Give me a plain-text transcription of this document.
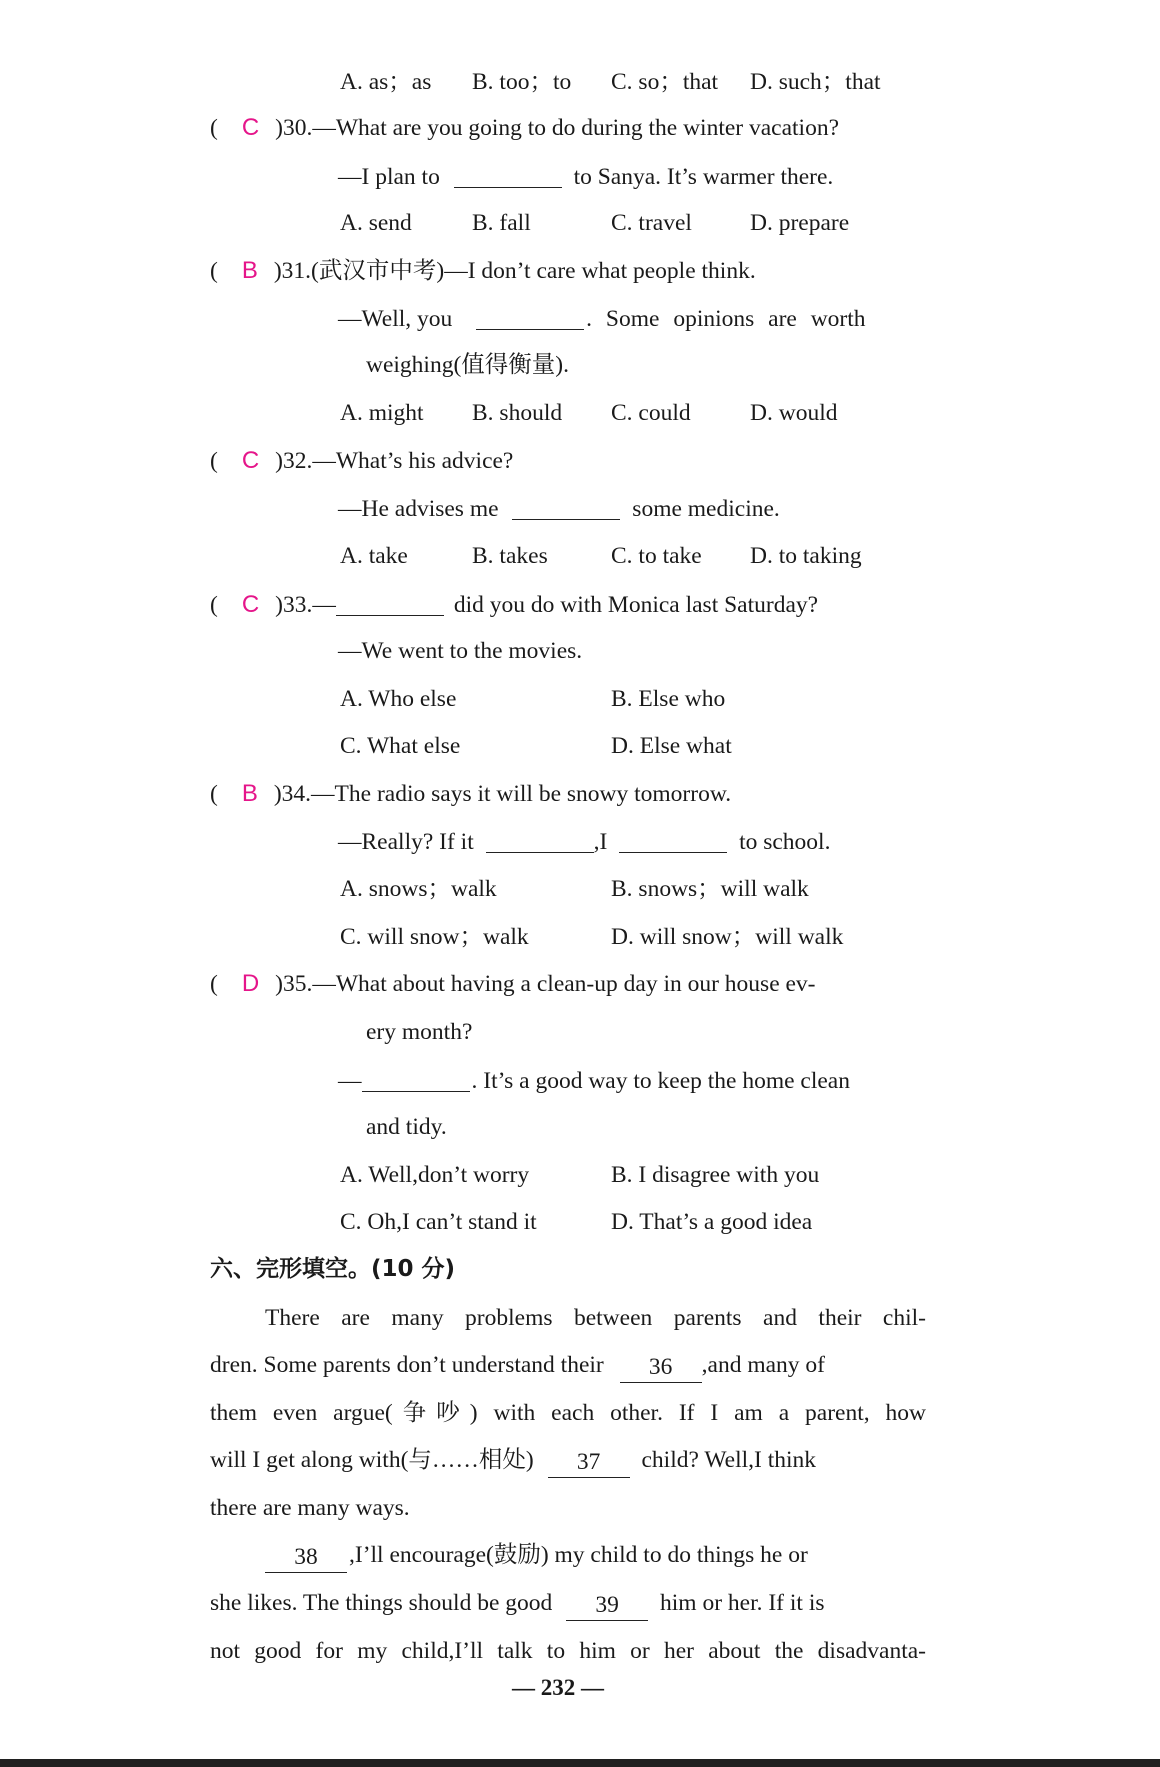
A. as；as B. too；to C. so；that D. such；that
( C )30.—What are you going to do during the winter vacation?
—I plan to	to Sanya. It’s warmer there.
A. send	B. fall	C. travel D. prepare
( B )31.(武汉市中考)—I don’t care what people think.
—Well, you	. Some opinions are worth
weighing(值得衡量).
A. might B. should C. could	D. would
( C )32.—What’s his advice?
—He advises me	some medicine.
A. take	B. takes	C. to take D. to taking
( C )33.—	did you do with Monica last Saturday?
—We went to the movies.
A. Who else	B. Else who
C. What else	D. Else what
( B )34.—The radio says it will be snowy tomorrow.
—Really? If it	,I	to school.
A. snows；walk	B. snows；will walk
C. will snow；walk	D. will snow；will walk
( D )35.—What about having a clean-up day in our house ev-
ery month?
—	. It’s a good way to keep the home clean
and tidy.
A. Well,don’t worry	B. I disagree with you
C. Oh,I can’t stand it	D. That’s a good idea
六、完形填空。(10 分)
There are many problems between parents and their chil-
dren. Some parents don’t understand their 36 ,and many of
them even argue(争吵) with each other. If I am a parent, how
will I get along with(与……相处) 37 child? Well,I think
there are many ways.
38 ,I’ll encourage(鼓励) my child to do things he or
she likes. The things should be good 39 him or her. If it is
not good for my child,I’ll talk to him or her about the disadvanta-
— 232 —
